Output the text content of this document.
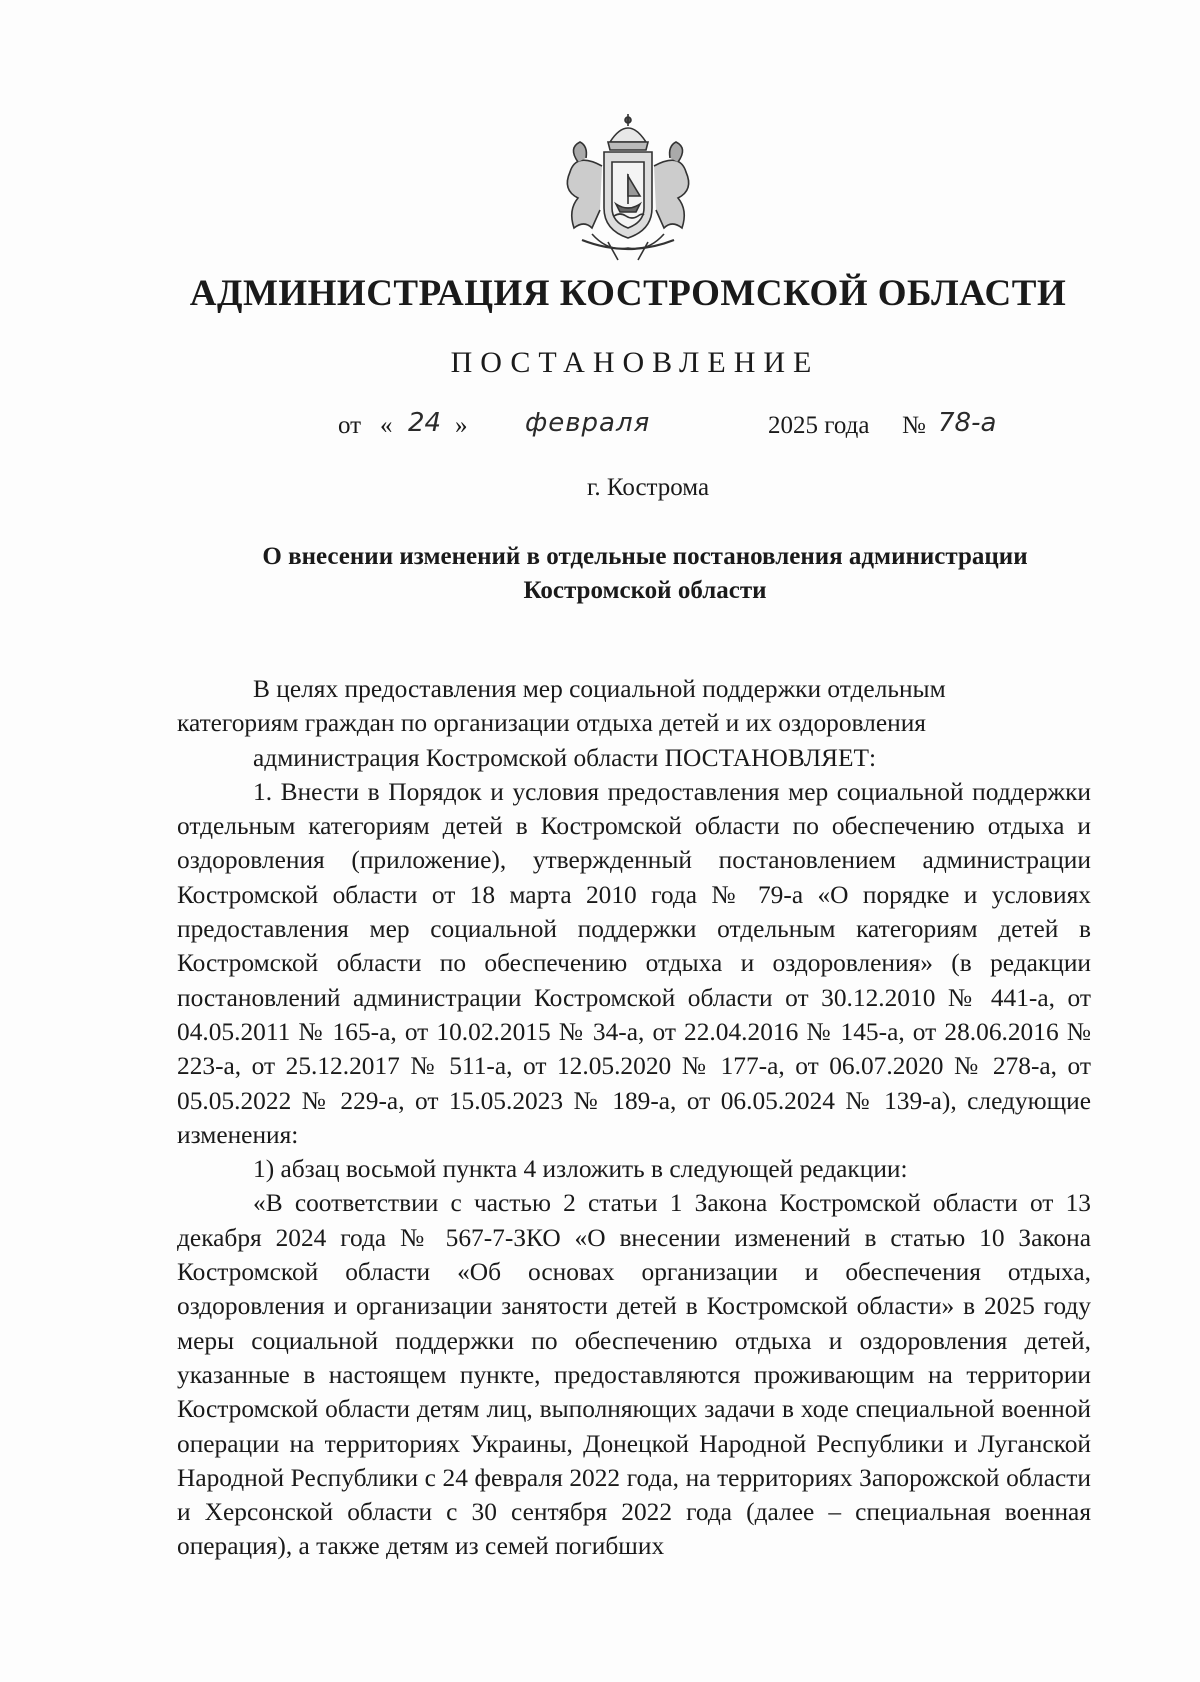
АДМИНИСТРАЦИЯ КОСТРОМСКОЙ ОБЛАСТИ
ПОСТАНОВЛЕНИЕ
от « 24 » февраля	2025 года № 78-а
г. Кострома
О внесении изменений в отдельные постановления администрации
Костромской области

В целях предоставления мер социальной поддержки отдельным

категориям граждан по организации отдыха детей и их оздоровления

администрация Костромской области ПОСТАНОВЛЯЕТ:

1. Внести в Порядок и условия предоставления мер социальной поддержки отдельным категориям детей в Костромской области по обеспечению отдыха и оздоровления (приложение), утвержденный постановлением администрации Костромской области от 18 марта 2010 года № 79-а «О порядке и условиях предоставления мер социальной поддержки отдельным категориям детей в Костромской области по обеспечению отдыха и оздоровления» (в редакции постановлений администрации Костромской области от 30.12.2010 № 441-а, от 04.05.2011 № 165-а, от 10.02.2015 № 34-а, от 22.04.2016 № 145-а, от 28.06.2016 № 223-а, от 25.12.2017 № 511-а, от 12.05.2020 № 177-а, от 06.07.2020 № 278-а, от 05.05.2022 № 229-а, от 15.05.2023 № 189-а, от 06.05.2024 № 139-а), следующие изменения:

1) абзац восьмой пункта 4 изложить в следующей редакции:

«В соответствии с частью 2 статьи 1 Закона Костромской области от 13 декабря 2024 года № 567-7-ЗКО «О внесении изменений в статью 10 Закона Костромской области «Об основах организации и обеспечения отдыха, оздоровления и организации занятости детей в Костромской области» в 2025 году меры социальной поддержки по обеспечению отдыха и оздоровления детей, указанные в настоящем пункте, предоставляются проживающим на территории Костромской области детям лиц, выполняющих задачи в ходе специальной военной операции на территориях Украины, Донецкой Народной Республики и Луганской Народной Республики с 24 февраля 2022 года, на территориях Запорожской области и Херсонской области с 30 сентября 2022 года (далее – специальная военная операция), а также детям из семей погибших
